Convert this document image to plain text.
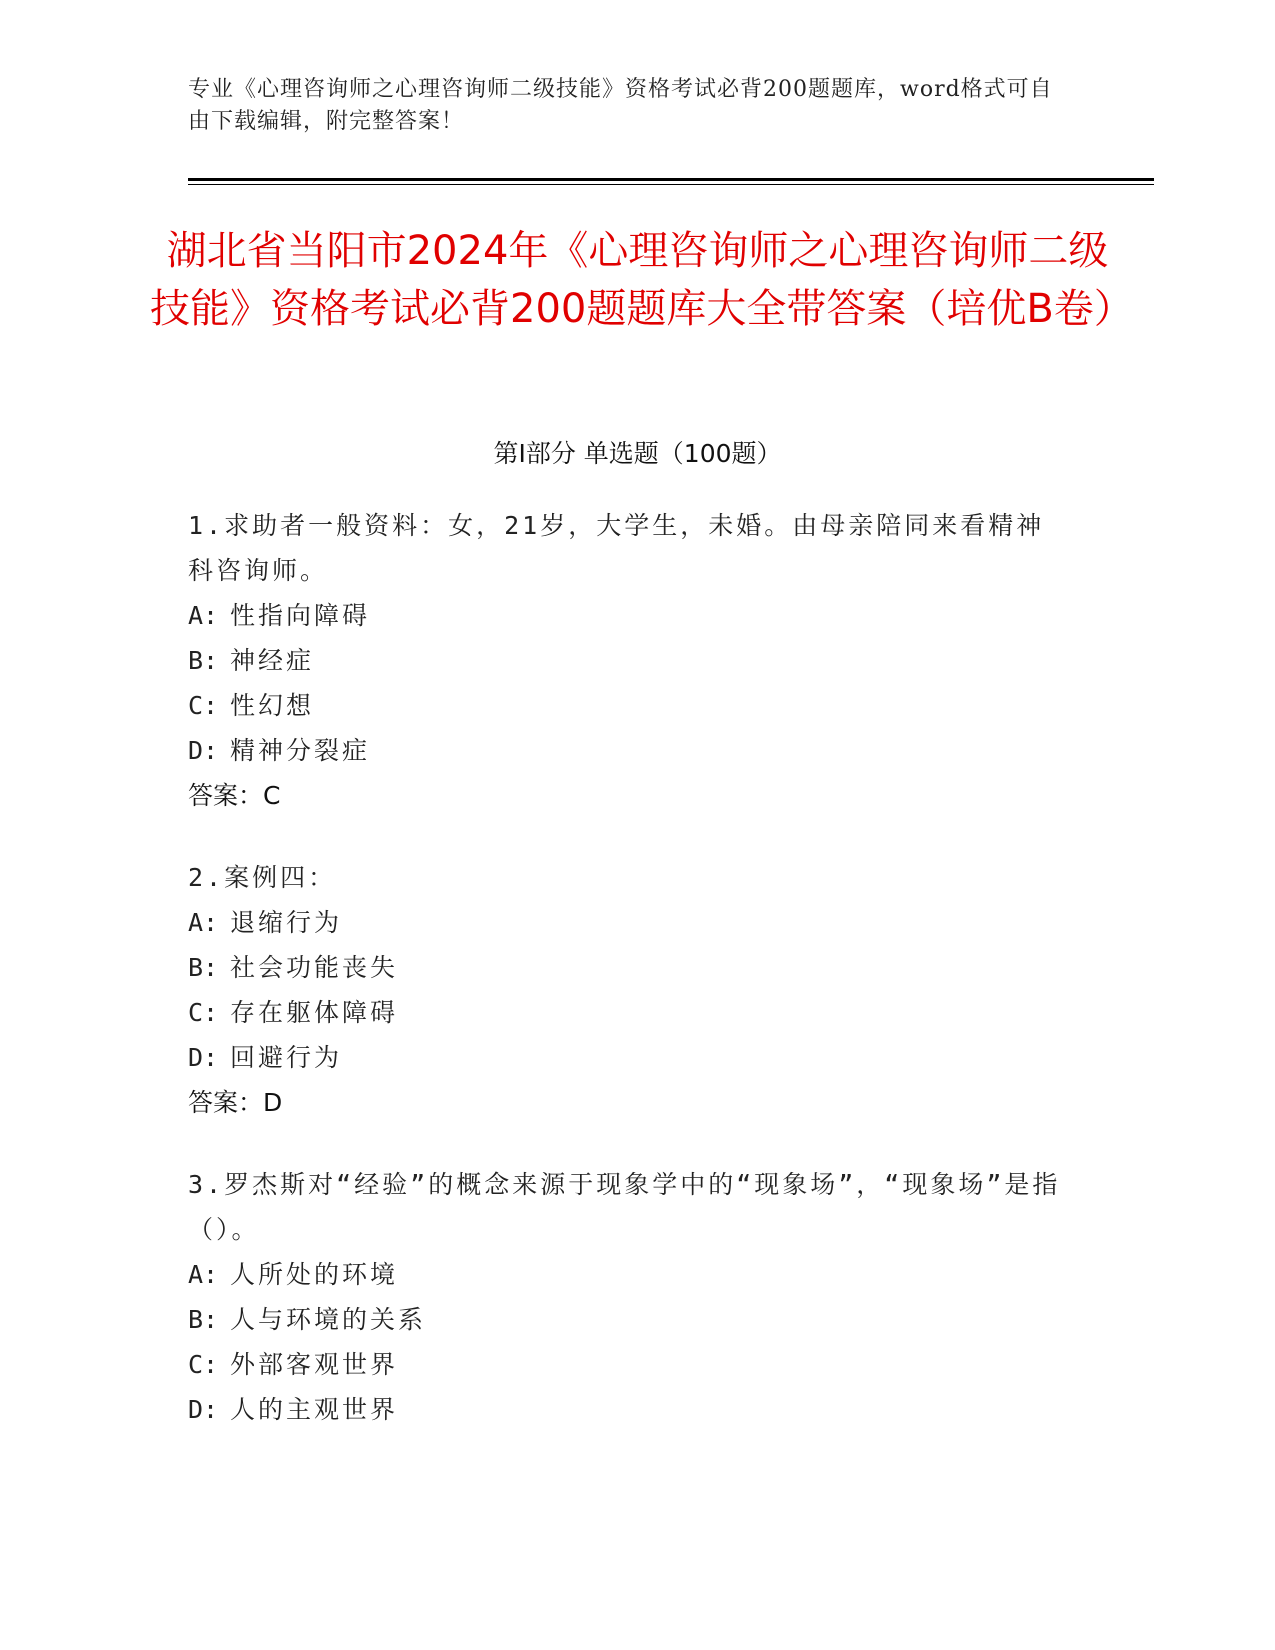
专业《心理咨询师之心理咨询师二级技能》资格考试必背200题题库，word格式可自由下载编辑，附完整答案！
湖北省当阳市2024年《心理咨询师之心理咨询师二级技能》资格考试必背200题题库大全带答案（培优B卷）
第Ⅰ部分 单选题（100题）
1.求助者一般资料：女，21岁，大学生，未婚。由母亲陪同来看精神科咨询师。
A: 性指向障碍
B: 神经症
C: 性幻想
D: 精神分裂症
答案：C
2.案例四：
A: 退缩行为
B: 社会功能丧失
C: 存在躯体障碍
D: 回避行为
答案：D
3.罗杰斯对“经验”的概念来源于现象学中的“现象场”，“现象场”是指（）。
A: 人所处的环境
B: 人与环境的关系
C: 外部客观世界
D: 人的主观世界
